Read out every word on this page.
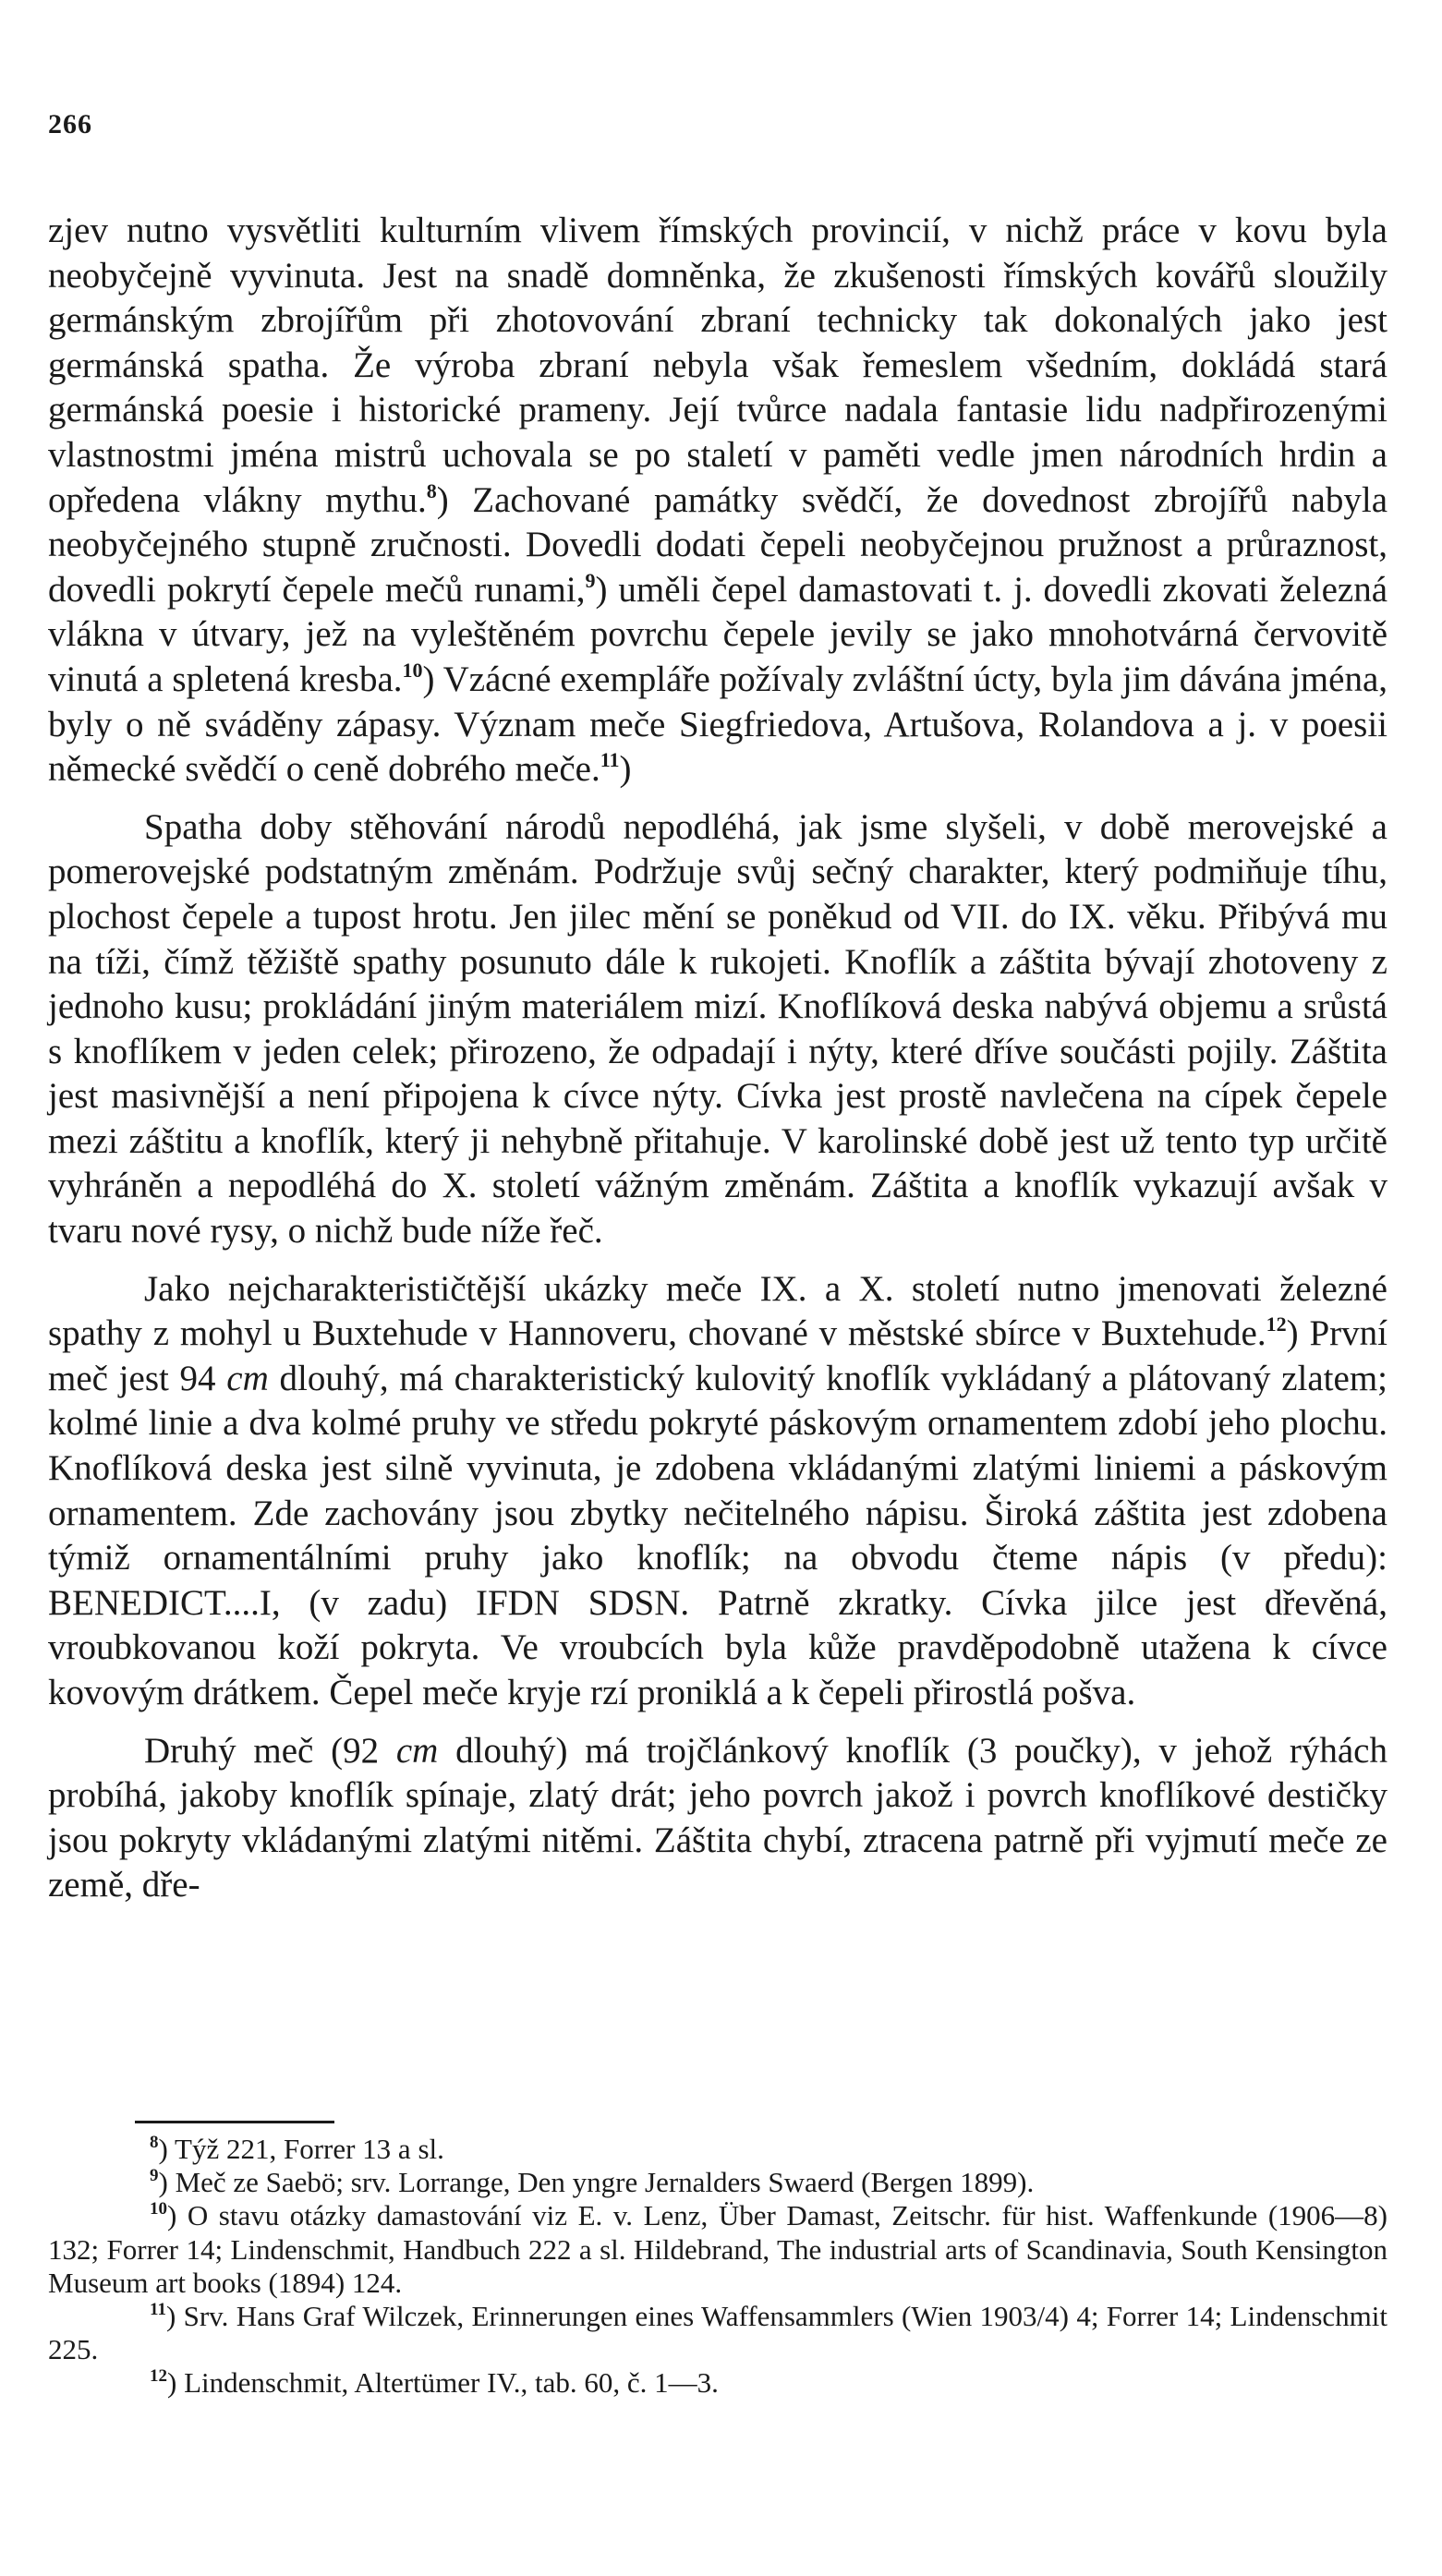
266

zjev nutno vysvětliti kulturním vlivem římských provincií, v nichž práce v kovu byla neobyčejně vyvinuta. Jest na snadě domněnka, že zkušenosti římských kovářů sloužily germánským zbrojířům při zhotovování zbraní technicky tak dokonalých jako jest germánská spatha. Že výroba zbraní nebyla však řemeslem všedním, dokládá stará germánská poesie i historické prameny. Její tvůrce nadala fantasie lidu nadpřirozenými vlastnostmi jména mistrů uchovala se po staletí v paměti vedle jmen národních hrdin a opředena vlákny mythu.$^8$) Zachované památky svědčí, že dovednost zbrojířů nabyla neobyčejného stupně zručnosti. Dovedli dodati čepeli neobyčejnou pružnost a průraznost, dovedli pokrytí čepele mečů runami,$^9$) uměli čepel damastovati t. j. dovedli zkovati železná vlákna v útvary, jež na vyleštěném povrchu čepele jevily se jako mnohotvárná červovitě vinutá a spletená kresba.$^{10}$) Vzácné exempláře požívaly zvláštní úcty, byla jim dávána jména, byly o ně sváděny zápasy. Význam meče Siegfriedova, Artušova, Rolandova a j. v poesii německé svědčí o ceně dobrého meče.$^{11}$)

Spatha doby stěhování národů nepodléhá, jak jsme slyšeli, v době merovejské a pomerovejské podstatným změnám. Podržuje svůj sečný charakter, který podmiňuje tíhu, plochost čepele a tupost hrotu. Jen jilec mění se poněkud od VII. do IX. věku. Přibývá mu na tíži, čímž těžiště spathy posunuto dále k rukojeti. Knoflík a záštita bývají zhotoveny z jednoho kusu; prokládání jiným materiálem mizí. Knoflíková deska nabývá objemu a srůstá s knoflíkem v jeden celek; přirozeno, že odpadají i nýty, které dříve součásti pojily. Záštita jest masivnější a není připojena k cívce nýty. Cívka jest prostě navlečena na cípek čepele mezi záštitu a knoflík, který ji nehybně přitahuje. V karolinské době jest už tento typ určitě vyhráněn a nepodléhá do X. století vážným změnám. Záštita a knoflík vykazují avšak v tvaru nové rysy, o nichž bude níže řeč.

Jako nejcharakterističtější ukázky meče IX. a X. století nutno jmenovati železné spathy z mohyl u Buxtehude v Hannoveru, chované v městské sbírce v Buxtehude.$^{12}$) První meč jest 94 cm dlouhý, má charakteristický kulovitý knoflík vykládaný a plátovaný zlatem; kolmé linie a dva kolmé pruhy ve středu pokryté páskovým ornamentem zdobí jeho plochu. Knoflíková deska jest silně vyvinuta, je zdobena vkládanými zlatými liniemi a páskovým ornamentem. Zde zachovány jsou zbytky nečitelného nápisu. Široká záštita jest zdobena týmiž ornamentálními pruhy jako knoflík; na obvodu čteme nápis (v předu): BENEDICT....I, (v zadu) IFDN SDSN. Patrně zkratky. Cívka jilce jest dřevěná, vroubkovanou koží pokryta. Ve vroubcích byla kůže pravděpodobně utažena k cívce kovovým drátkem. Čepel meče kryje rzí proniklá a k čepeli přirostlá pošva.

Druhý meč (92 cm dlouhý) má trojčlánkový knoflík (3 poučky), v jehož rýhách probíhá, jakoby knoflík spínaje, zlatý drát; jeho povrch jakož i povrch knoflíkové destičky jsou pokryty vkládanými zlatými nitěmi. Záštita chybí, ztracena patrně při vyjmutí meče ze země, dře-

$^8$) Týž 221, Forrer 13 a sl.

$^9$) Meč ze Saebö; srv. Lorrange, Den yngre Jernalders Swaerd (Bergen 1899).

$^{10}$) O stavu otázky damastování viz E. v. Lenz, Über Damast, Zeitschr. für hist. Waffenkunde (1906—8) 132; Forrer 14; Lindenschmit, Handbuch 222 a sl. Hildebrand, The industrial arts of Scandinavia, South Kensington Museum art books (1894) 124.

$^{11}$) Srv. Hans Graf Wilczek, Erinnerungen eines Waffensammlers (Wien 1903/4) 4; Forrer 14; Lindenschmit 225.

$^{12}$) Lindenschmit, Altertümer IV., tab. 60, č. 1—3.
